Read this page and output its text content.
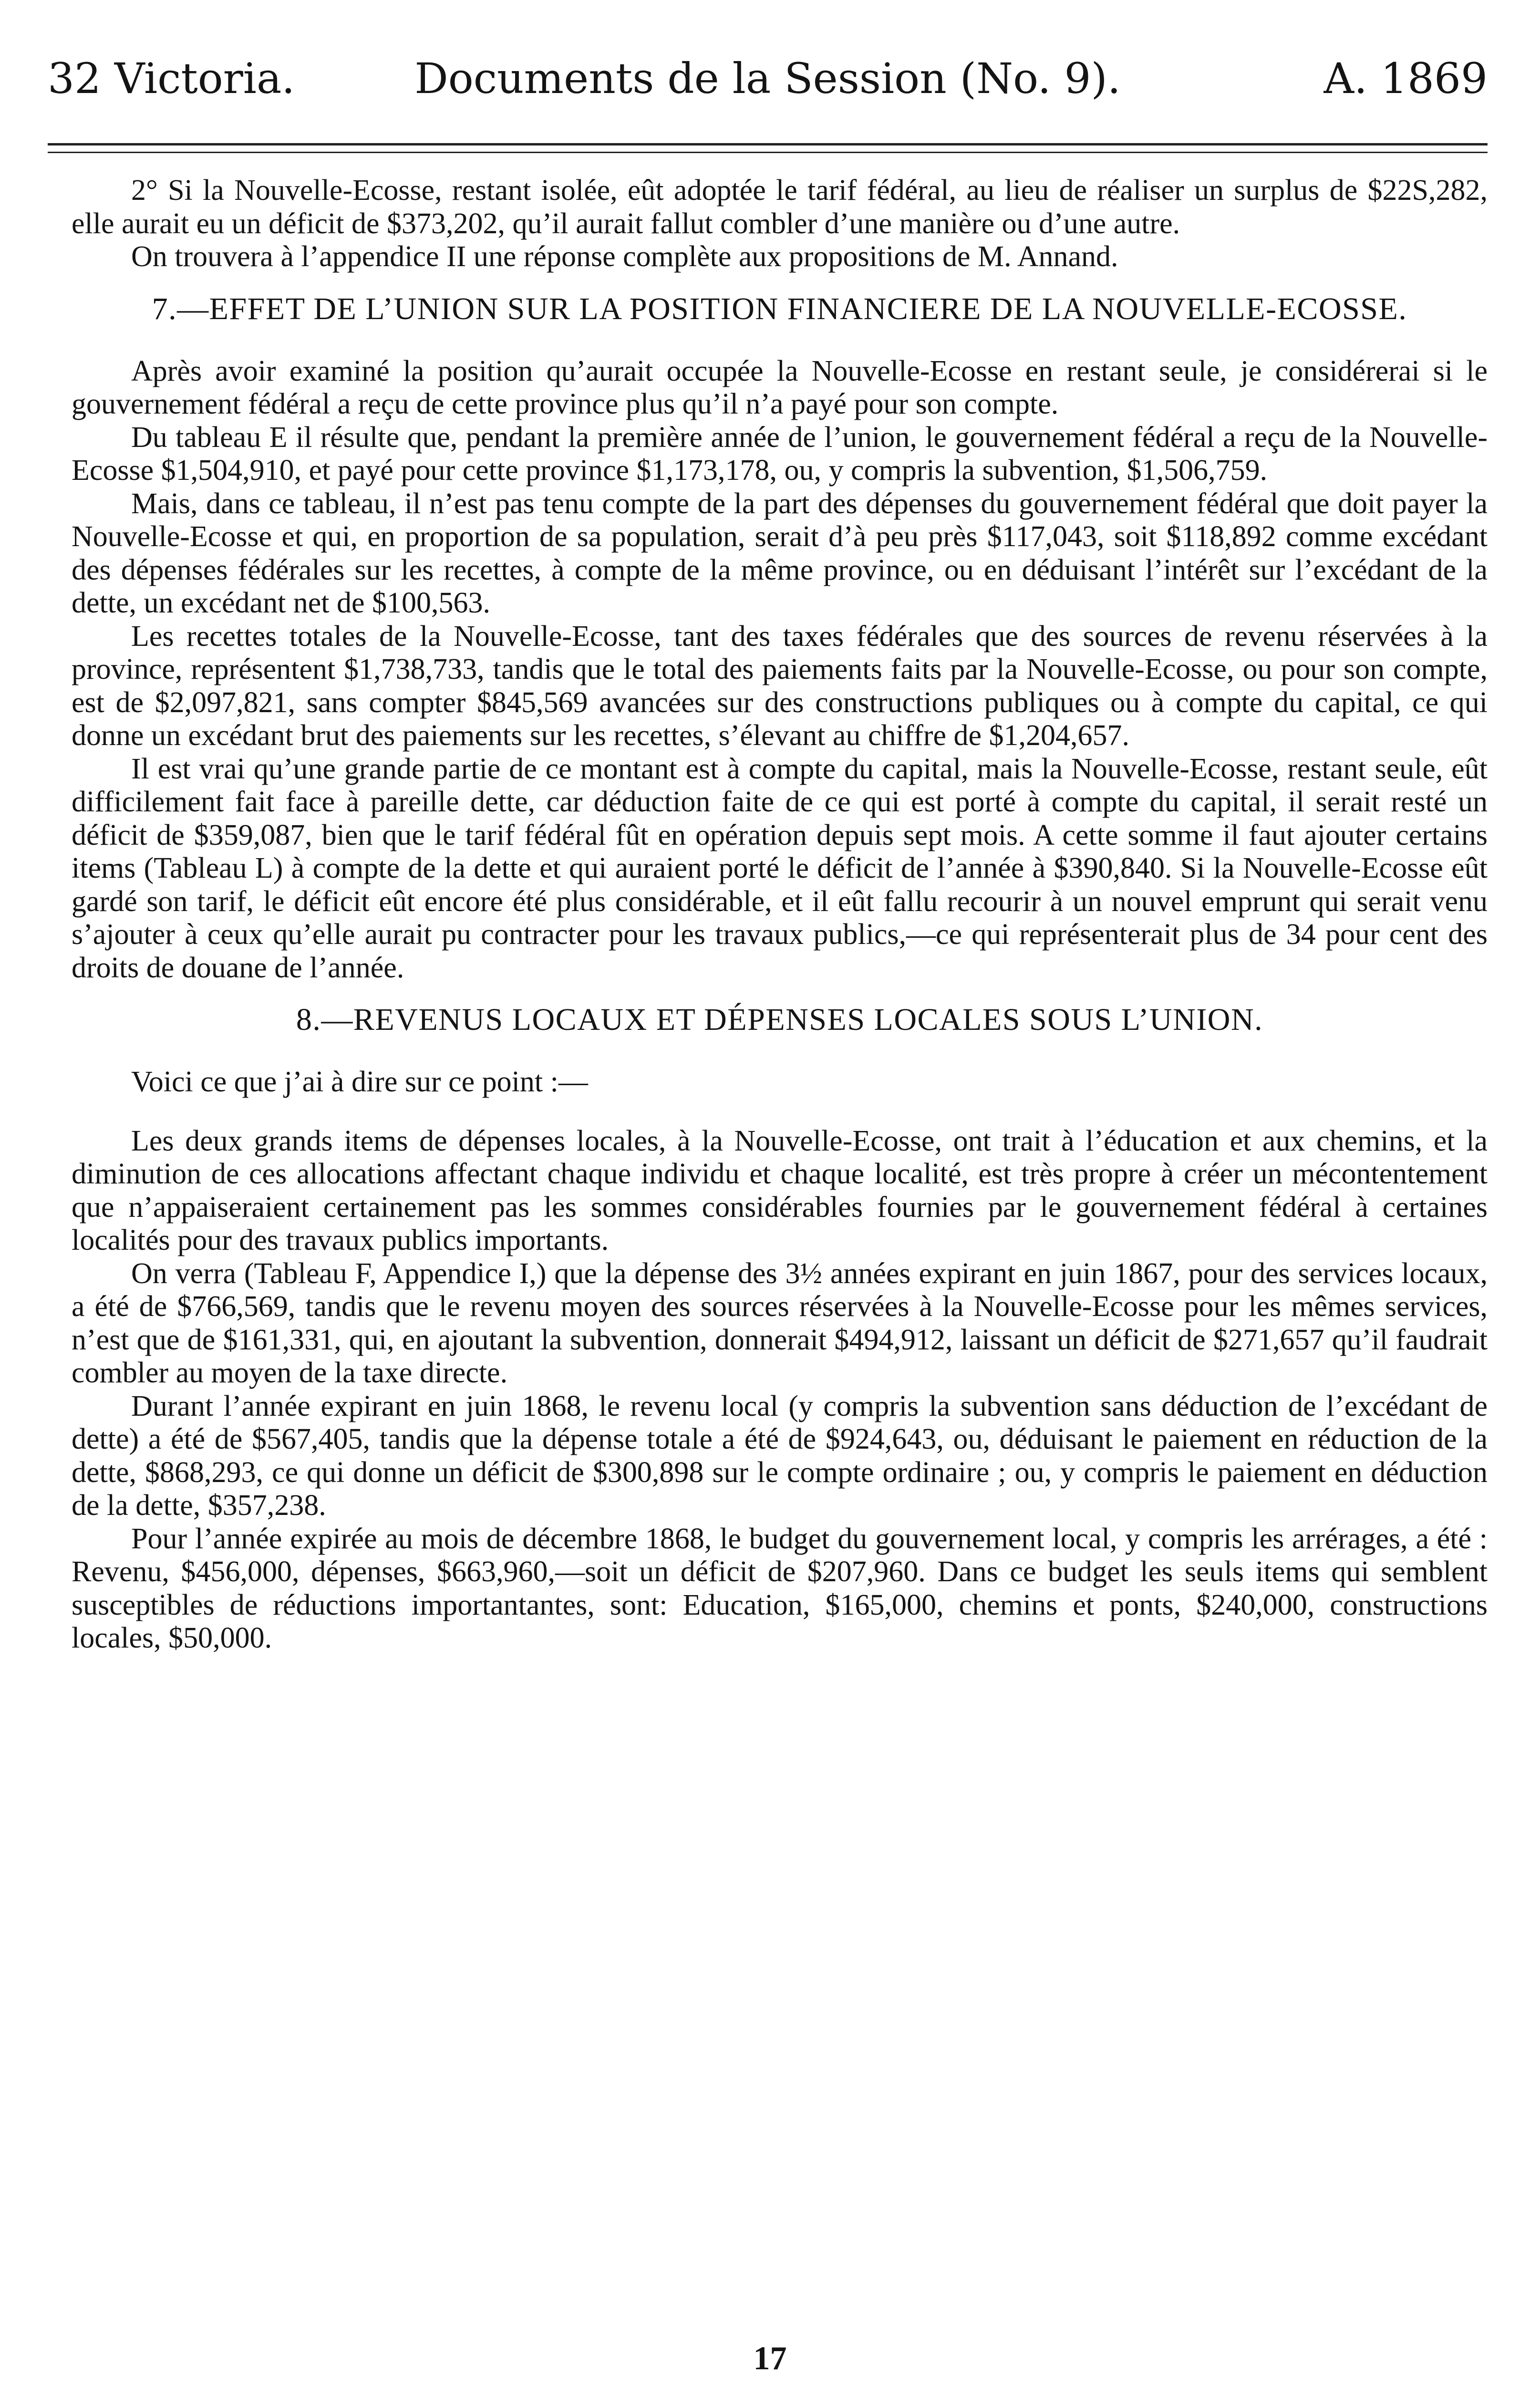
32 Victoria.	Documents de la Session (No. 9).	A. 1869

2° Si la Nouvelle-Ecosse, restant isolée, eût adoptée le tarif fédéral, au lieu de réaliser un surplus de $22S,282, elle aurait eu un déficit de $373,202, qu’il aurait fallut combler d’une manière ou d’une autre.

On trouvera à l’appendice II une réponse complète aux propositions de M. Annand.

7.—EFFET DE L’UNION SUR LA POSITION FINANCIERE DE LA NOUVELLE-ECOSSE.

Après avoir examiné la position qu’aurait occupée la Nouvelle-Ecosse en restant seule, je considérerai si le gouvernement fédéral a reçu de cette province plus qu’il n’a payé pour son compte.

Du tableau E il résulte que, pendant la première année de l’union, le gouvernement fédéral a reçu de la Nouvelle-Ecosse $1,504,910, et payé pour cette province $1,173,178, ou, y compris la subvention, $1,506,759.

Mais, dans ce tableau, il n’est pas tenu compte de la part des dépenses du gouvernement fédéral que doit payer la Nouvelle-Ecosse et qui, en proportion de sa population, serait d’à peu près $117,043, soit $118,892 comme excédant des dépenses fédérales sur les recettes, à compte de la même province, ou en déduisant l’intérêt sur l’excédant de la dette, un excédant net de $100,563.

Les recettes totales de la Nouvelle-Ecosse, tant des taxes fédérales que des sources de revenu réservées à la province, représentent $1,738,733, tandis que le total des paiements faits par la Nouvelle-Ecosse, ou pour son compte, est de $2,097,821, sans compter $845,569 avancées sur des constructions publiques ou à compte du capital, ce qui donne un excédant brut des paiements sur les recettes, s’élevant au chiffre de $1,204,657.

Il est vrai qu’une grande partie de ce montant est à compte du capital, mais la Nouvelle-Ecosse, restant seule, eût difficilement fait face à pareille dette, car déduction faite de ce qui est porté à compte du capital, il serait resté un déficit de $359,087, bien que le tarif fédéral fût en opération depuis sept mois. A cette somme il faut ajouter certains items (Tableau L) à compte de la dette et qui auraient porté le déficit de l’année à $390,840. Si la Nouvelle-Ecosse eût gardé son tarif, le déficit eût encore été plus considérable, et il eût fallu recourir à un nouvel emprunt qui serait venu s’ajouter à ceux qu’elle aurait pu contracter pour les travaux publics,—ce qui représenterait plus de 34 pour cent des droits de douane de l’année.

8.—REVENUS LOCAUX ET DÉPENSES LOCALES SOUS L’UNION.

Voici ce que j’ai à dire sur ce point :—

Les deux grands items de dépenses locales, à la Nouvelle-Ecosse, ont trait à l’éducation et aux chemins, et la diminution de ces allocations affectant chaque individu et chaque localité, est très propre à créer un mécontentement que n’appaiseraient certainement pas les sommes considérables fournies par le gouvernement fédéral à certaines localités pour des travaux publics importants.

On verra (Tableau F, Appendice I,) que la dépense des 3½ années expirant en juin 1867, pour des services locaux, a été de $766,569, tandis que le revenu moyen des sources réservées à la Nouvelle-Ecosse pour les mêmes services, n’est que de $161,331, qui, en ajoutant la subvention, donnerait $494,912, laissant un déficit de $271,657 qu’il faudrait combler au moyen de la taxe directe.

Durant l’année expirant en juin 1868, le revenu local (y compris la subvention sans déduction de l’excédant de dette) a été de $567,405, tandis que la dépense totale a été de $924,643, ou, déduisant le paiement en réduction de la dette, $868,293, ce qui donne un déficit de $300,898 sur le compte ordinaire ; ou, y compris le paiement en déduction de la dette, $357,238.

Pour l’année expirée au mois de décembre 1868, le budget du gouvernement local, y compris les arrérages, a été : Revenu, $456,000, dépenses, $663,960,—soit un déficit de $207,960. Dans ce budget les seuls items qui semblent susceptibles de réductions importantantes, sont: Education, $165,000, chemins et ponts, $240,000, constructions locales, $50,000.

17
